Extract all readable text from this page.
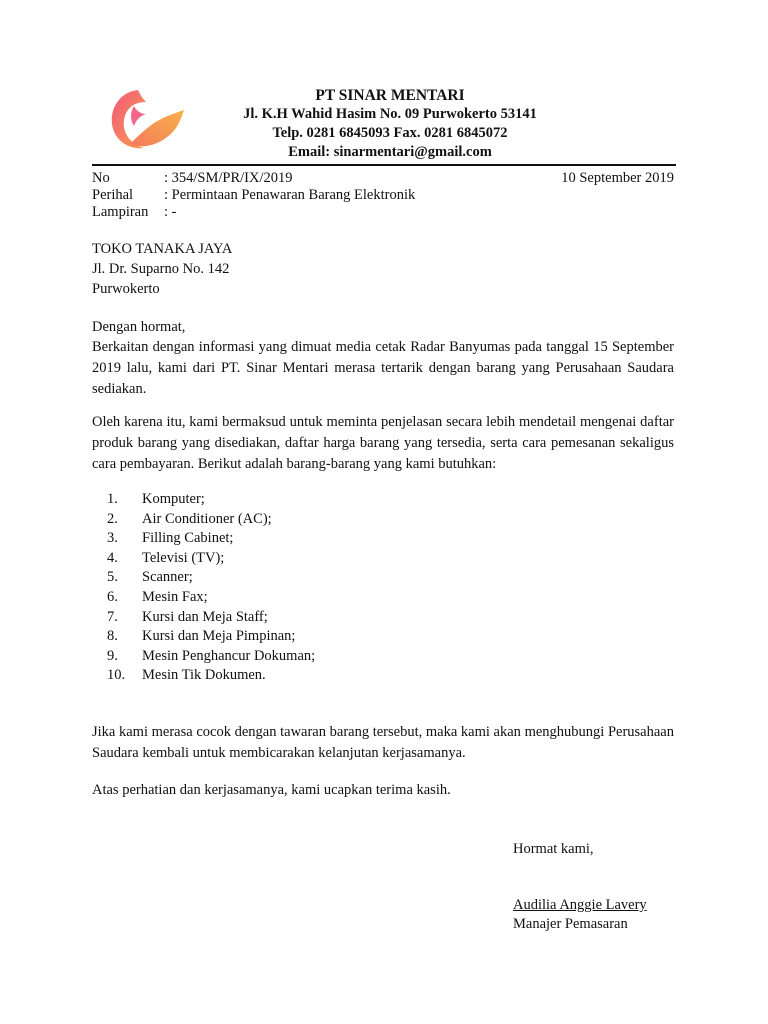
PT SINAR MENTARI
Jl. K.H Wahid Hasim No. 09 Purwokerto 53141
Telp. 0281 6845093 Fax. 0281 6845072
Email: sinarmentari@gmail.com
No	: 354/SM/PR/IX/2019
Perihal : Permintaan Penawaran Barang Elektronik
Lampiran : -
10 September 2019
TOKO TANAKA JAYA
Jl. Dr. Suparno No. 142
Purwokerto
Dengan hormat,
Berkaitan dengan informasi yang dimuat media cetak Radar Banyumas pada tanggal 15 September 2019 lalu, kami dari PT. Sinar Mentari merasa tertarik dengan barang yang Perusahaan Saudara sediakan.
Oleh karena itu, kami bermaksud untuk meminta penjelasan secara lebih mendetail mengenai daftar produk barang yang disediakan, daftar harga barang yang tersedia, serta cara pemesanan sekaligus cara pembayaran. Berikut adalah barang-barang yang kami butuhkan:
1.	Komputer;
2.	Air Conditioner (AC);
3.	Filling Cabinet;
4.	Televisi (TV);
5.	Scanner;
6.	Mesin Fax;
7.	Kursi dan Meja Staff;
8.	Kursi dan Meja Pimpinan;
9.	Mesin Penghancur Dokuman;
10.	Mesin Tik Dokumen.
Jika kami merasa cocok dengan tawaran barang tersebut, maka kami akan menghubungi Perusahaan Saudara kembali untuk membicarakan kelanjutan kerjasamanya.
Atas perhatian dan kerjasamanya, kami ucapkan terima kasih.
Hormat kami,
Audilia Anggie Lavery
Manajer Pemasaran
